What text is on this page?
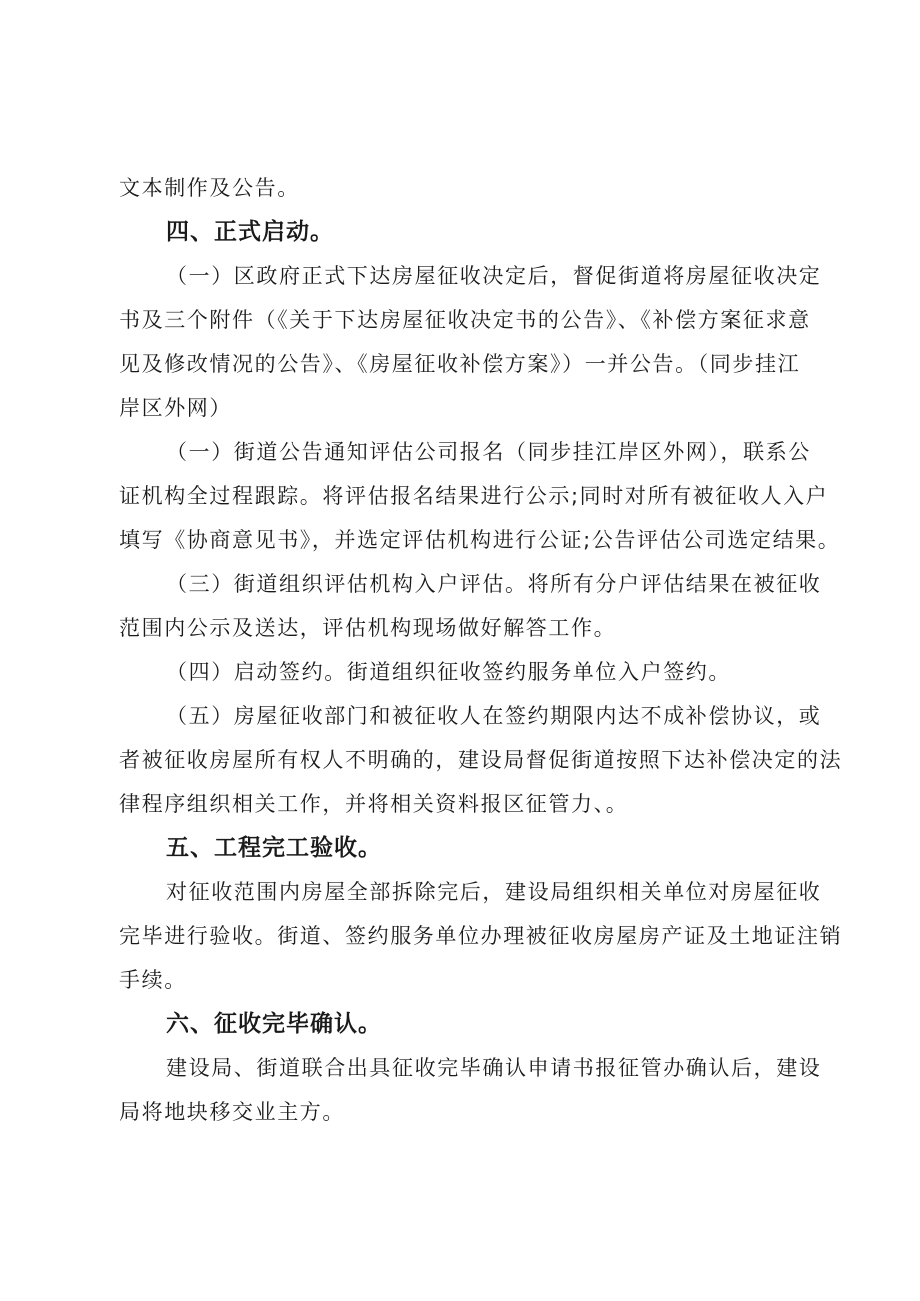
文本制作及公告。
四、正式启动。
（一）区政府正式下达房屋征收决定后，督促街道将房屋征收决定
书及三个附件（《关于下达房屋征收决定书的公告》、《补偿方案征求意
见及修改情况的公告》、《房屋征收补偿方案》）一并公告。（同步挂江
岸区外网）
（一）街道公告通知评估公司报名（同步挂江岸区外网），联系公
证机构全过程跟踪。将评估报名结果进行公示;同时对所有被征收人入户
填写《协商意见书》，并选定评估机构进行公证;公告评估公司选定结果。
（三）街道组织评估机构入户评估。将所有分户评估结果在被征收
范围内公示及送达，评估机构现场做好解答工作。
（四）启动签约。街道组织征收签约服务单位入户签约。
（五）房屋征收部门和被征收人在签约期限内达不成补偿协议，或
者被征收房屋所有权人不明确的，建设局督促街道按照下达补偿决定的法
律程序组织相关工作，并将相关资料报区征管力、。
五、工程完工验收。
对征收范围内房屋全部拆除完后，建设局组织相关单位对房屋征收
完毕进行验收。街道、签约服务单位办理被征收房屋房产证及土地证注销
手续。
六、征收完毕确认。
建设局、街道联合出具征收完毕确认申请书报征管办确认后，建设
局将地块移交业主方。
